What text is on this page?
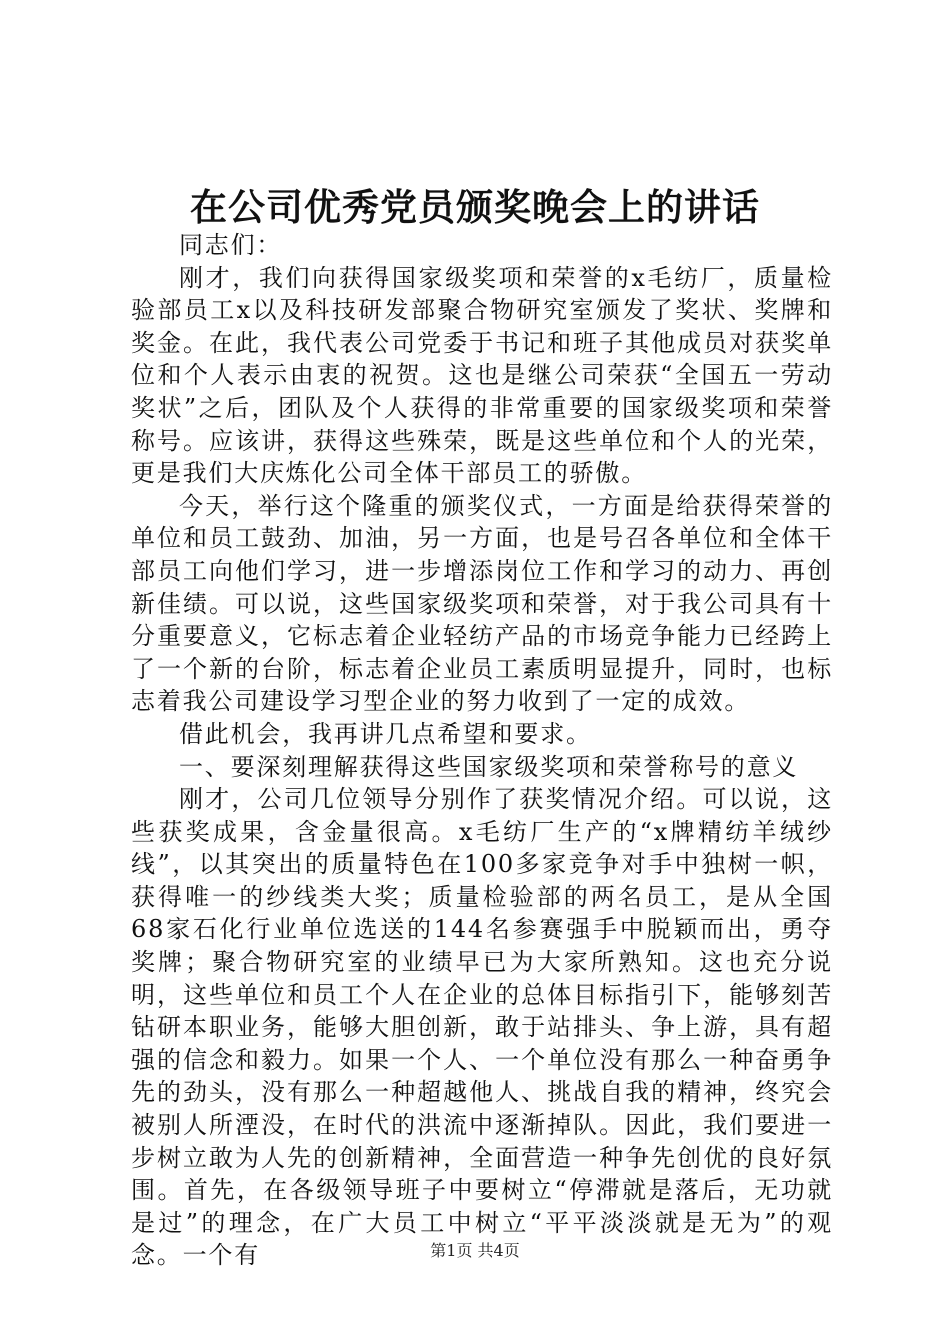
在公司优秀党员颁奖晚会上的讲话

同志们：

刚才，我们向获得国家级奖项和荣誉的x毛纺厂，质量检验部员工x以及科技研发部聚合物研究室颁发了奖状、奖牌和奖金。在此，我代表公司党委于书记和班子其他成员对获奖单位和个人表示由衷的祝贺。这也是继公司荣获“全国五一劳动奖状”之后，团队及个人获得的非常重要的国家级奖项和荣誉称号。应该讲，获得这些殊荣，既是这些单位和个人的光荣，更是我们大庆炼化公司全体干部员工的骄傲。

今天，举行这个隆重的颁奖仪式，一方面是给获得荣誉的单位和员工鼓劲、加油，另一方面，也是号召各单位和全体干部员工向他们学习，进一步增添岗位工作和学习的动力、再创新佳绩。可以说，这些国家级奖项和荣誉，对于我公司具有十分重要意义，它标志着企业轻纺产品的市场竞争能力已经跨上了一个新的台阶，标志着企业员工素质明显提升，同时，也标志着我公司建设学习型企业的努力收到了一定的成效。

借此机会，我再讲几点希望和要求。

一、要深刻理解获得这些国家级奖项和荣誉称号的意义

刚才，公司几位领导分别作了获奖情况介绍。可以说，这些获奖成果，含金量很高。x毛纺厂生产的“x牌精纺羊绒纱线”，以其突出的质量特色在100多家竞争对手中独树一帜，获得唯一的纱线类大奖；质量检验部的两名员工，是从全国68家石化行业单位选送的144名参赛强手中脱颖而出，勇夺奖牌；聚合物研究室的业绩早已为大家所熟知。这也充分说明，这些单位和员工个人在企业的总体目标指引下，能够刻苦钻研本职业务，能够大胆创新，敢于站排头、争上游，具有超强的信念和毅力。如果一个人、一个单位没有那么一种奋勇争先的劲头，没有那么一种超越他人、挑战自我的精神，终究会被别人所湮没，在时代的洪流中逐渐掉队。因此，我们要进一步树立敢为人先的创新精神，全面营造一种争先创优的良好氛围。首先，在各级领导班子中要树立“停滞就是落后，无功就是过”的理念，在广大员工中树立“平平淡淡就是无为”的观念。一个有	第1页 共4页
